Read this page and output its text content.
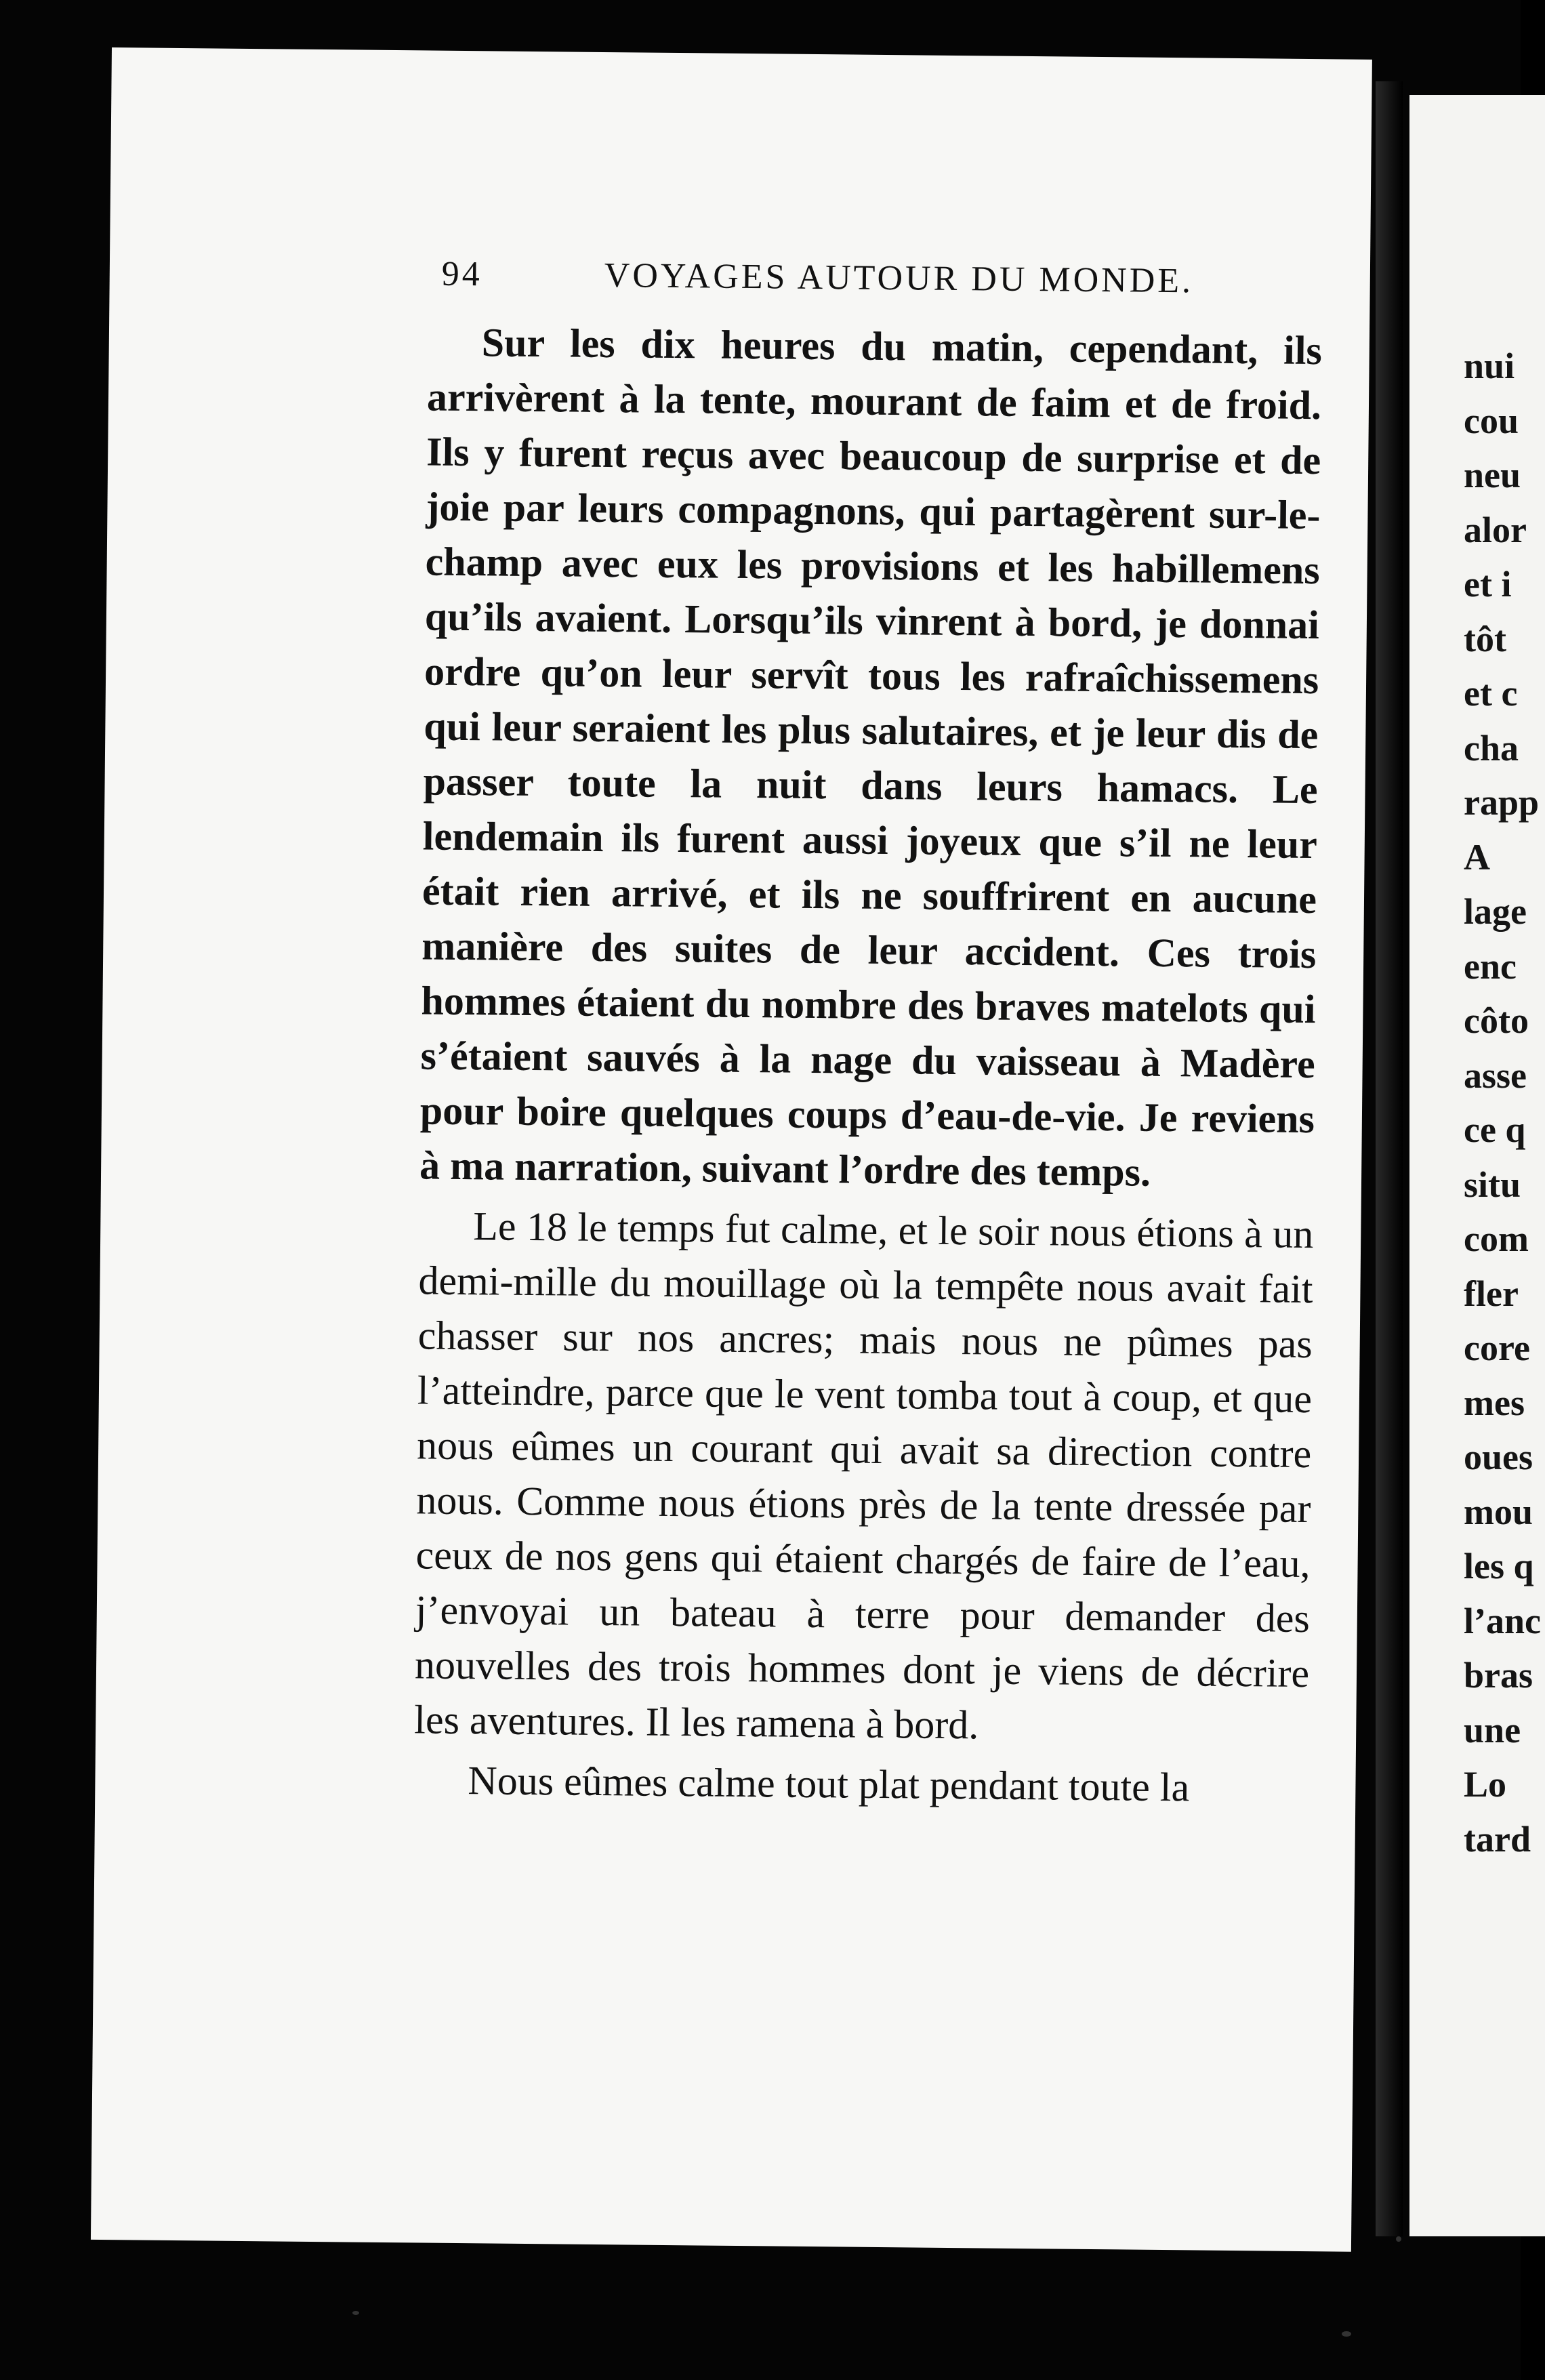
94	VOYAGES AUTOUR DU MONDE.

Sur les dix heures du matin, cependant, ils arrivèrent à la tente, mourant de faim et de froid. Ils y furent reçus avec beaucoup de surprise et de joie par leurs compagnons, qui partagèrent sur-le-champ avec eux les provisions et les habillemens qu’ils avaient. Lorsqu’ils vinrent à bord, je donnai ordre qu’on leur servît tous les rafraîchissemens qui leur seraient les plus salutaires, et je leur dis de passer toute la nuit dans leurs hamacs. Le lendemain ils furent aussi joyeux que s’il ne leur était rien arrivé, et ils ne souffrirent en aucune manière des suites de leur accident. Ces trois hommes étaient du nombre des braves matelots qui s’étaient sauvés à la nage du vaisseau à Madère pour boire quelques coups d’eau-de-vie. Je reviens à ma narration, suivant l’ordre des temps.

Le 18 le temps fut calme, et le soir nous étions à un demi-mille du mouillage où la tempête nous avait fait chasser sur nos ancres; mais nous ne pûmes pas l’atteindre, parce que le vent tomba tout à coup, et que nous eûmes un courant qui avait sa direction contre nous. Comme nous étions près de la tente dressée par ceux de nos gens qui étaient chargés de faire de l’eau, j’envoyai un bateau à terre pour demander des nouvelles des trois hommes dont je viens de décrire les aventures. Il les ramena à bord.

Nous eûmes calme tout plat pendant toute la

nui
cou
neu
alor
et i
tôt
et c
cha
rapp
A
lage
enc
côto
asse
ce q
situ
com
fler
core
mes
oues
mou
les q
l’anc
bras
une
Lo
tard
